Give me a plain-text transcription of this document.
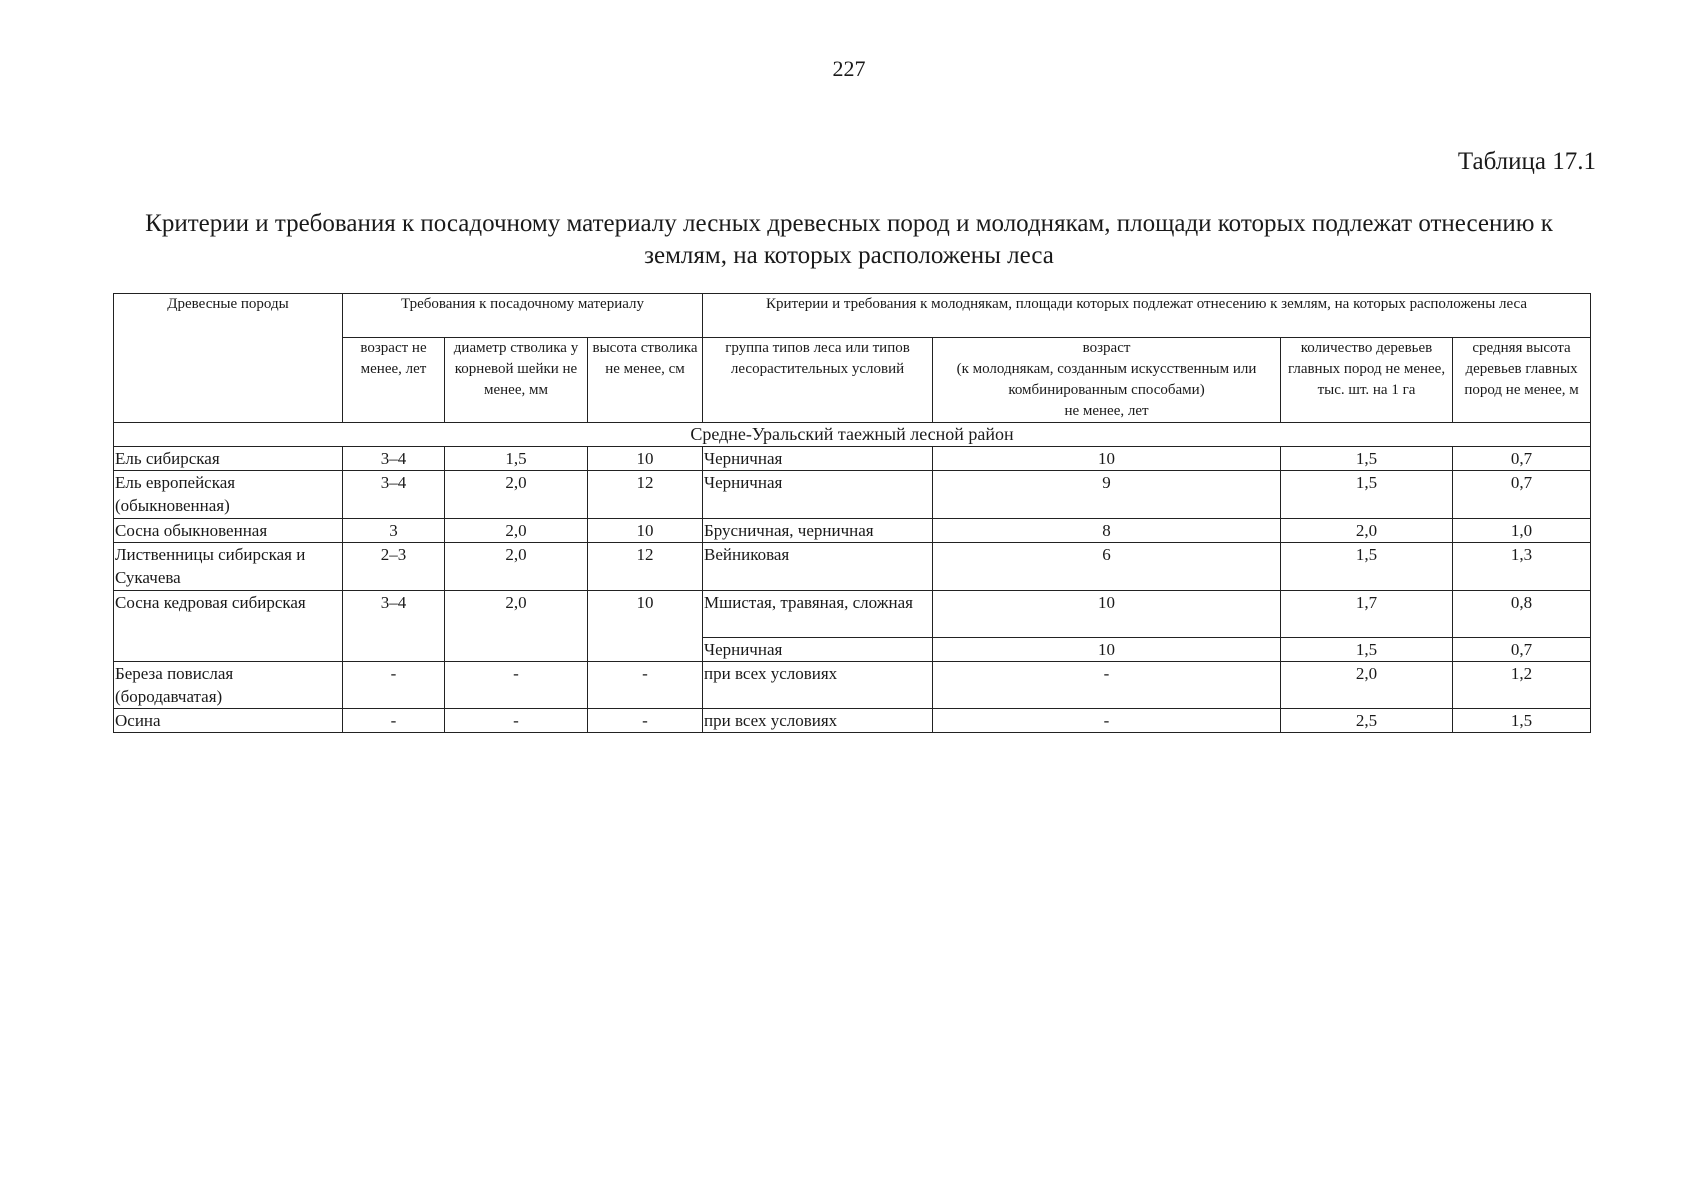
227
Таблица 17.1
Критерии и требования к посадочному материалу лесных древесных пород и молоднякам, площади которых подлежат отнесению к землям, на которых расположены леса
Древесные породы	Требования к посадочному материалу			Критерии и требования к молоднякам, площади которых подлежат отнесению к землям, на которых расположены леса			
	возраст не менее, лет	диаметр стволика у корневой шейки не менее, мм	высота стволика не менее, см	группа типов леса или типов лесорастительных условий	возраст
(к молоднякам, созданным искусственным или комбинированным способами)
не менее, лет	количество деревьев главных пород не менее, тыс. шт. на 1 га	средняя высота деревьев главных пород не менее, м
Средне-Уральский таежный лесной район							
Ель сибирская	3–4	1,5	10	Черничная	10	1,5	0,7
Ель европейская (обыкновенная)	3–4	2,0	12	Черничная	9	1,5	0,7
Сосна обыкновенная	3	2,0	10	Брусничная, черничная	8	2,0	1,0
Лиственницы сибирская и Сукачева	2–3	2,0	12	Вейниковая	6	1,5	1,3
Сосна кедровая сибирская	3–4	2,0	10	Мшистая, травяная, сложная	10	1,7	0,8
				Черничная	10	1,5	0,7
Береза повислая (бородавчатая)	-	-	-	при всех условиях	-	2,0	1,2
Осина	-	-	-	при всех условиях	-	2,5	1,5
